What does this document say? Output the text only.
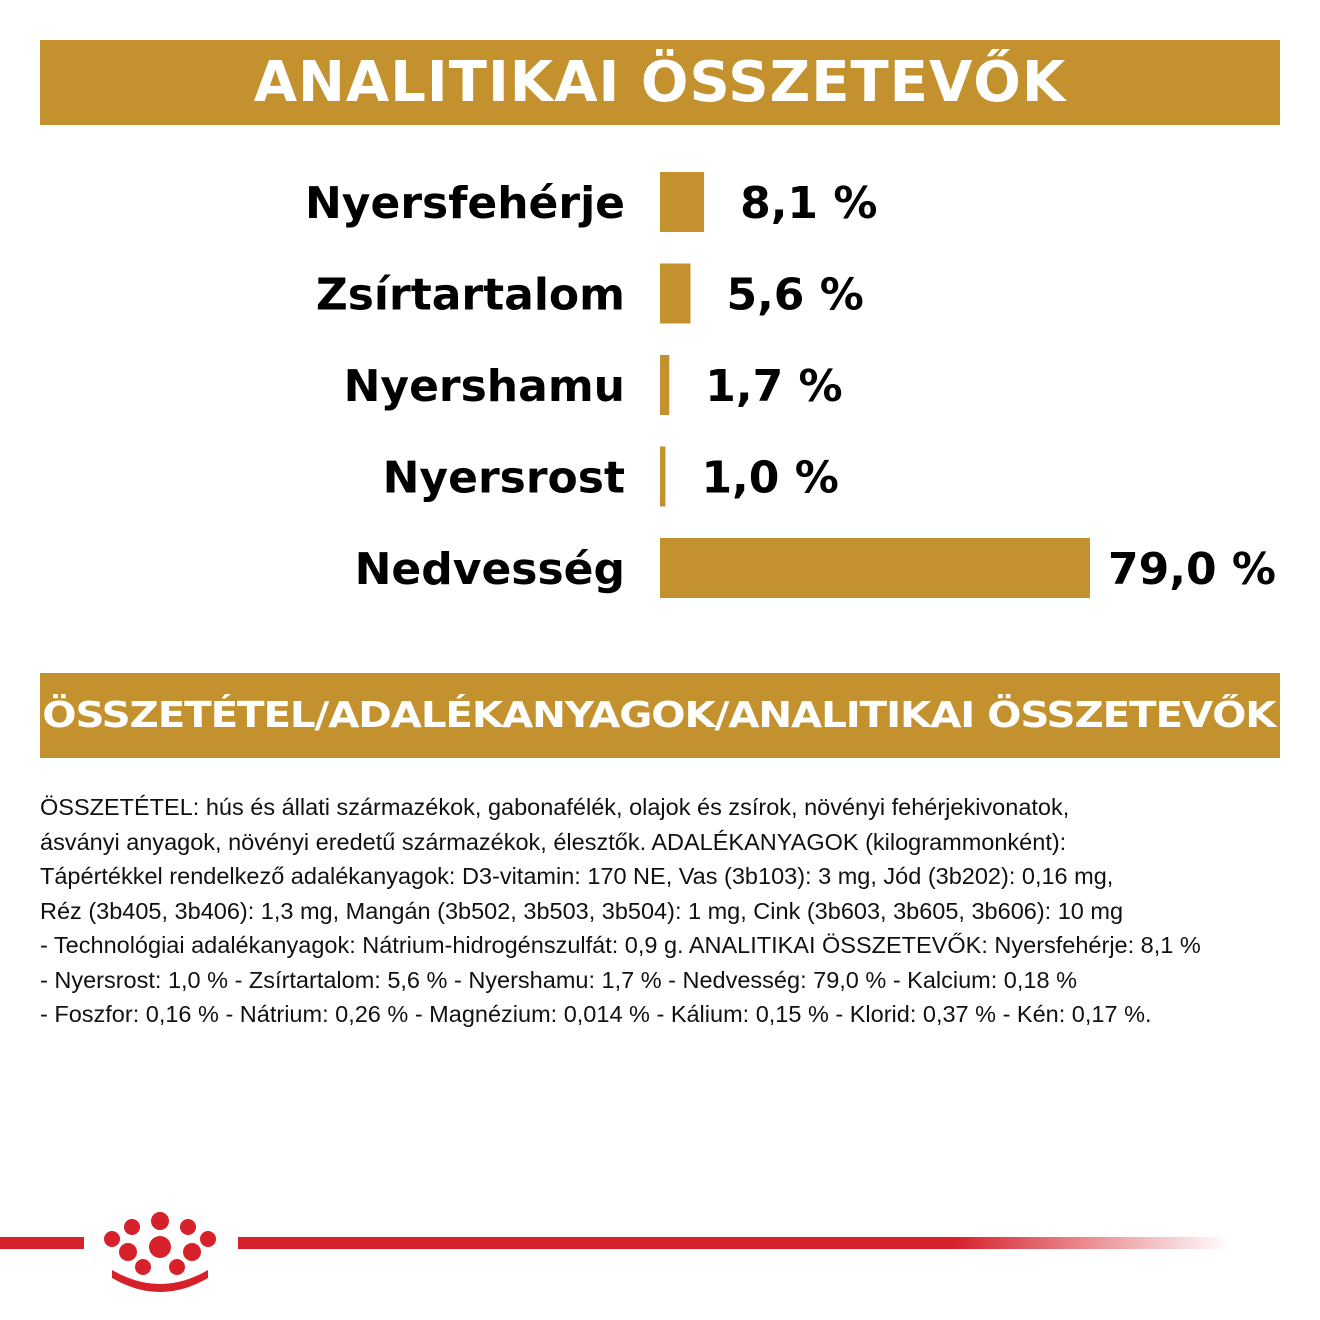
ANALITIKAI ÖSSZETEVŐK
Nyersfehérje	8,1 %
Zsírtartalom 5,6 %
Nyershamu 1,7 %
Nyersrost 1,0 %
Nedvesség	79,0 %
ÖSSZETÉTEL/ADALÉKANYAGOK/ANALITIKAI ÖSSZETEVŐK
ÖSSZETÉTEL: hús és állati származékok, gabonafélék, olajok és zsírok, növényi fehérjekivonatok,
ásványi anyagok, növényi eredetű származékok, élesztők. ADALÉKANYAGOK (kilogrammonként):
Tápértékkel rendelkező adalékanyagok: D3-vitamin: 170 NE, Vas (3b103): 3 mg, Jód (3b202): 0,16 mg,
Réz (3b405, 3b406): 1,3 mg, Mangán (3b502, 3b503, 3b504): 1 mg, Cink (3b603, 3b605, 3b606): 10 mg
- Technológiai adalékanyagok: Nátrium-hidrogénszulfát: 0,9 g. ANALITIKAI ÖSSZETEVŐK: Nyersfehérje: 8,1 %
- Nyersrost: 1,0 % - Zsírtartalom: 5,6 % - Nyershamu: 1,7 % - Nedvesség: 79,0 % - Kalcium: 0,18 %
- Foszfor: 0,16 % - Nátrium: 0,26 % - Magnézium: 0,014 % - Kálium: 0,15 % - Klorid: 0,37 % - Kén: 0,17 %.
